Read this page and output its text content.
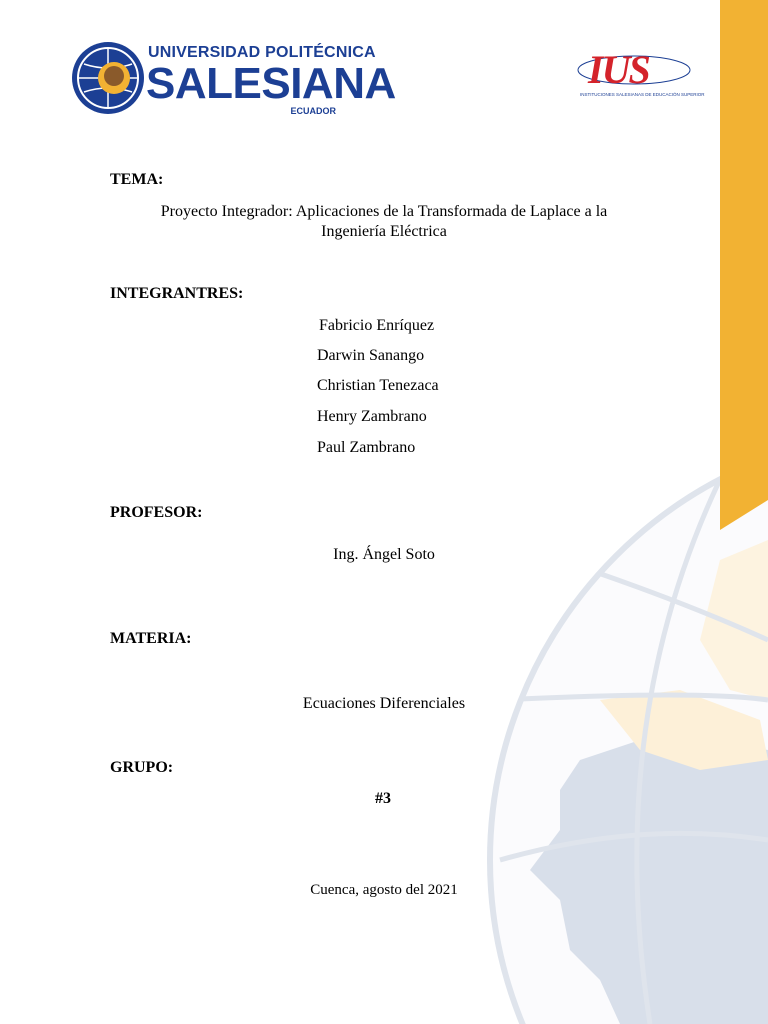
UNIVERSIDAD POLITÉCNICA
SALESIANA
ECUADOR
IUS
INSTITUCIONES SALESIANAS DE EDUCACIÓN SUPERIOR
TEMA:
Proyecto Integrador: Aplicaciones de la Transformada de Laplace a la
Ingeniería Eléctrica
INTEGRANTRES:
Fabricio Enríquez
Darwin Sanango
Christian Tenezaca
Henry Zambrano
Paul Zambrano
PROFESOR:
Ing. Ángel Soto
MATERIA:
Ecuaciones Diferenciales
GRUPO:
#3
Cuenca, agosto del 2021
